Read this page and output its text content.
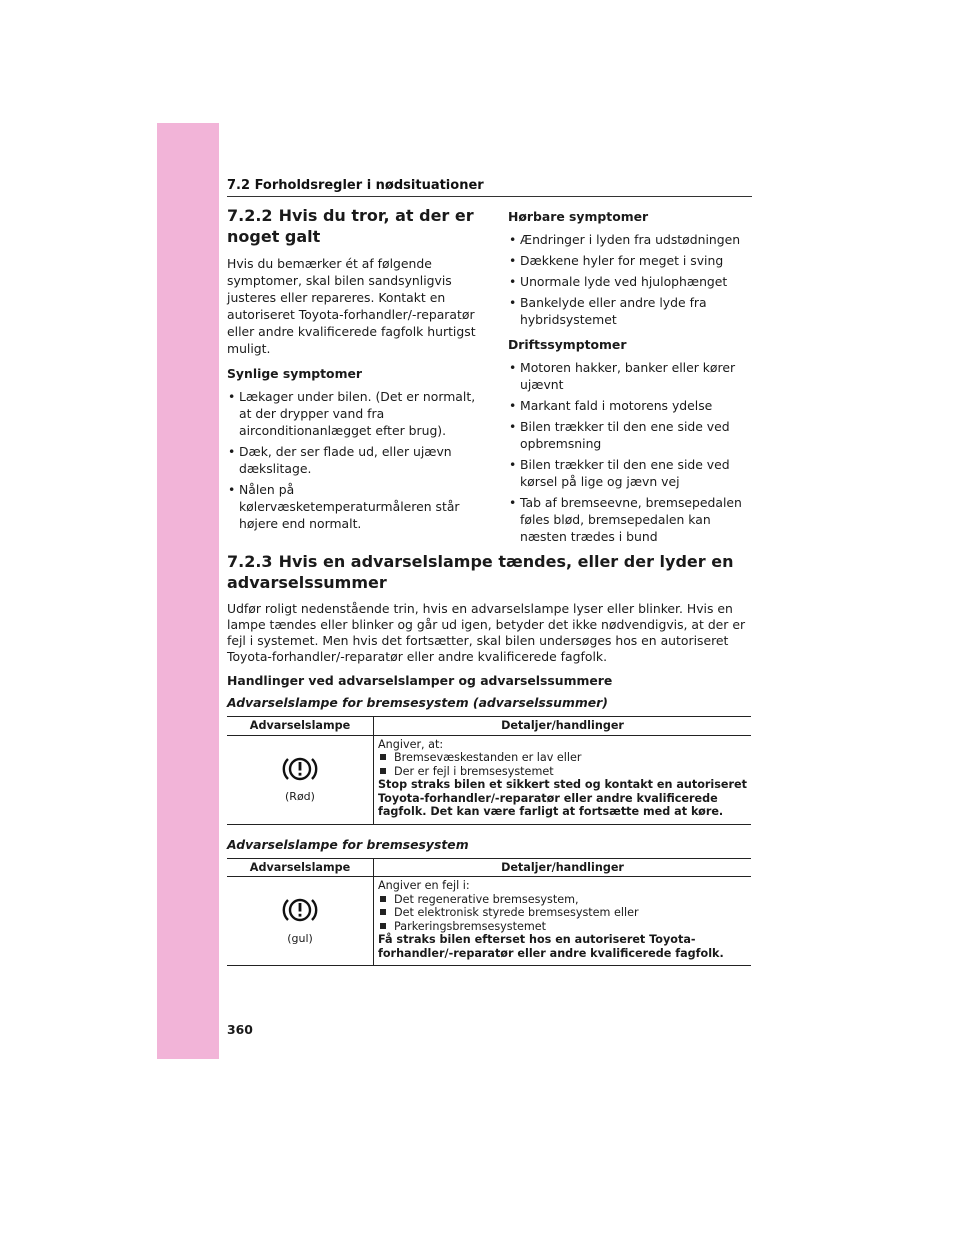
7.2 Forholdsregler i nødsituationer
7.2.2 Hvis du tror, at der er noget galt

Hvis du bemærker ét af følgende symptomer, skal bilen sandsynligvis justeres eller repareres. Kontakt en autoriseret Toyota-forhandler/-reparatør eller andre kvalificerede fagfolk hurtigst muligt.

Synlige symptomer

• Lækager under bilen. (Det er normalt, at der drypper vand fra airconditionanlægget efter brug).
• Dæk, der ser flade ud, eller ujævn dækslitage.
• Nålen på kølervæsketemperaturmåleren står højere end normalt.

Hørbare symptomer

• Ændringer i lyden fra udstødningen
• Dækkene hyler for meget i sving
• Unormale lyde ved hjulophænget
• Bankelyde eller andre lyde fra hybridsystemet

Driftssymptomer

• Motoren hakker, banker eller kører ujævnt
• Markant fald i motorens ydelse
• Bilen trækker til den ene side ved opbremsning
• Bilen trækker til den ene side ved kørsel på lige og jævn vej
• Tab af bremseevne, bremsepedalen føles blød, bremsepedalen kan næsten trædes i bund
7.2.3 Hvis en advarselslampe tændes, eller der lyder en advarselssummer

Udfør roligt nedenstående trin, hvis en advarselslampe lyser eller blinker. Hvis en lampe tændes eller blinker og går ud igen, betyder det ikke nødvendigvis, at der er fejl i systemet. Men hvis det fortsætter, skal bilen undersøges hos en autoriseret Toyota-forhandler/-reparatør eller andre kvalificerede fagfolk.

Handlinger ved advarselslamper og advarselssummere

Advarselslampe for bremsesystem (advarselssummer)

Advarselslampe	Detaljer/handlinger

(Rød)	Angiver, at:
Bremsevæskestanden er lav eller
Der er fejl i bremsesystemet
Stop straks bilen et sikkert sted og kontakt en autoriseret Toyota-forhandler/-reparatør eller andre kvalificerede fagfolk. Det kan være farligt at fortsætte med at køre.

Advarselslampe for bremsesystem

Advarselslampe	Detaljer/handlinger

(gul)	Angiver en fejl i:
Det regenerative bremsesystem,
Det elektronisk styrede bremsesystem eller
Parkeringsbremsesystemet
Få straks bilen efterset hos en autoriseret Toyota-forhandler/-reparatør eller andre kvalificerede fagfolk.
360
